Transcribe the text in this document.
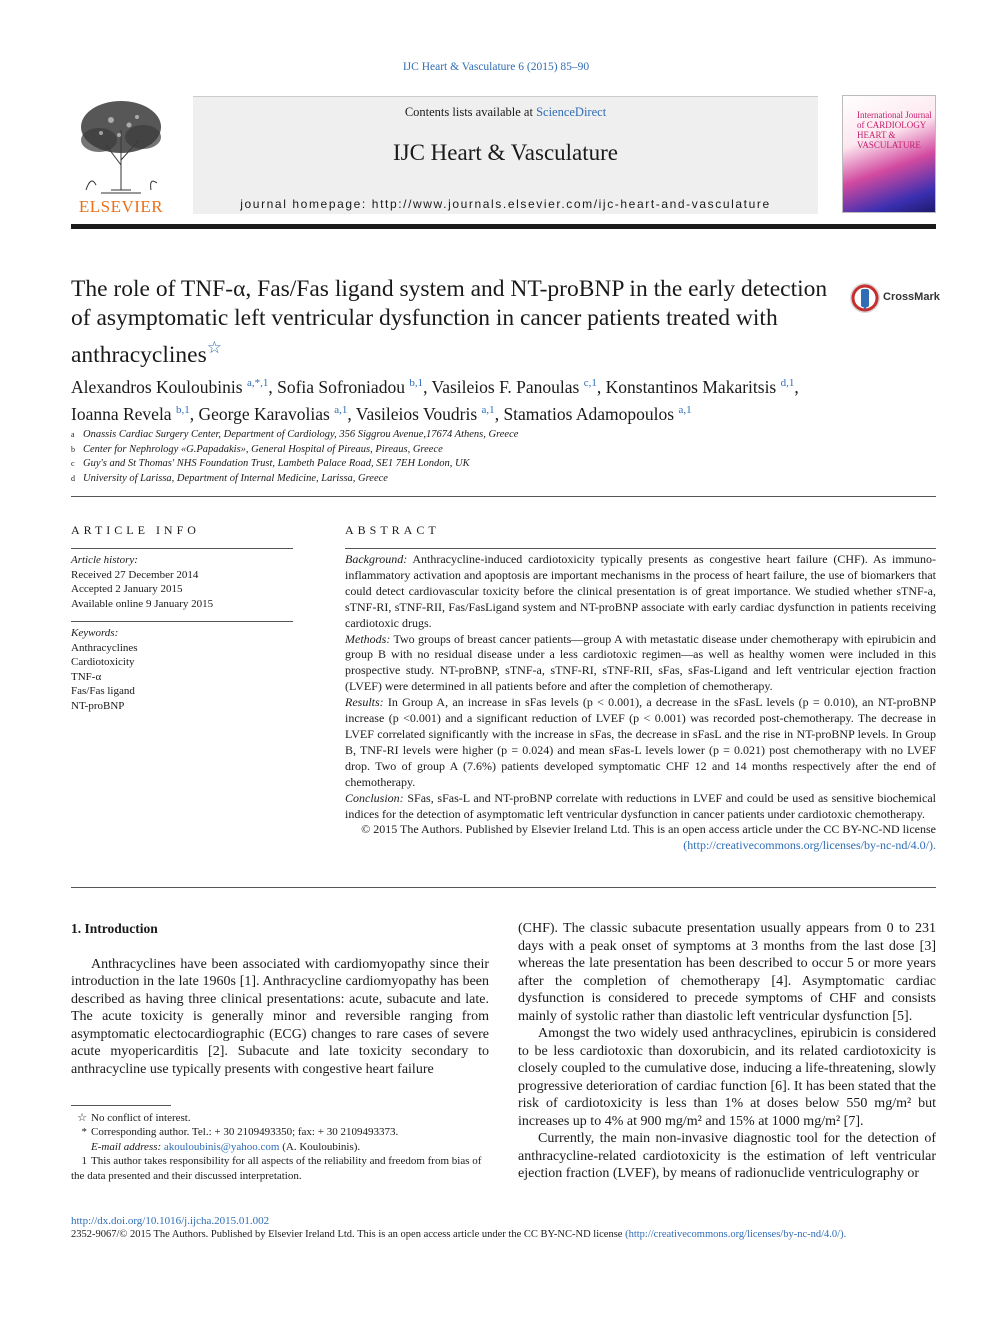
IJC Heart & Vasculature 6 (2015) 85–90
ELSEVIER
Contents lists available at ScienceDirect
IJC Heart & Vasculature
journal homepage: http://www.journals.elsevier.com/ijc-heart-and-vasculature
International Journal of CARDIOLOGY HEART & VASCULATURE
The role of TNF-α, Fas/Fas ligand system and NT-proBNP in the early detection of asymptomatic left ventricular dysfunction in cancer patients treated with anthracyclines☆
CrossMark
Alexandros Kouloubinis $^{a,*,1}$, Sofia Sofroniadou $^{b,1}$, Vasileios F. Panoulas $^{c,1}$, Konstantinos Makaritsis $^{d,1}$,
Ioanna Revela $^{b,1}$, George Karavolias $^{a,1}$, Vasileios Voudris $^{a,1}$, Stamatios Adamopoulos $^{a,1}$
a Onassis Cardiac Surgery Center, Department of Cardiology, 356 Siggrou Avenue,17674 Athens, Greece
b Center for Nephrology «G.Papadakis», General Hospital of Pireaus, Pireaus, Greece
c Guy's and St Thomas' NHS Foundation Trust, Lambeth Palace Road, SE1 7EH London, UK
d University of Larissa, Department of Internal Medicine, Larissa, Greece
ARTICLE INFO	ABSTRACT
Article history:
Received 27 December 2014
Accepted 2 January 2015
Available online 9 January 2015
Keywords:
Anthracyclines
Cardiotoxicity
TNF-α
Fas/Fas ligand
NT-proBNP

Background: Anthracycline-induced cardiotoxicity typically presents as congestive heart failure (CHF). As immuno-inflammatory activation and apoptosis are important mechanisms in the process of heart failure, the use of biomarkers that could detect cardiovascular toxicity before the clinical presentation is of great importance. We studied whether sTNF-a, sTNF-RI, sTNF-RII, Fas/FasLigand system and NT-proBNP associate with early cardiac dysfunction in patients receiving cardiotoxic drugs.

Methods: Two groups of breast cancer patients—group A with metastatic disease under chemotherapy with epirubicin and group B with no residual disease under a less cardiotoxic regimen—as well as healthy women were included in this prospective study. NT-proBNP, sTNF-a, sTNF-RI, sTNF-RII, sFas, sFas-Ligand and left ventricular ejection fraction (LVEF) were determined in all patients before and after the completion of chemotherapy.

Results: In Group A, an increase in sFas levels (p < 0.001), a decrease in the sFasL levels (p = 0.010), an NT-proBNP increase (p <0.001) and a significant reduction of LVEF (p < 0.001) was recorded post-chemotherapy. The decrease in LVEF correlated significantly with the increase in sFas, the decrease in sFasL and the rise in NT-proBNP levels. In Group B, TNF-RI levels were higher (p = 0.024) and mean sFas-L levels lower (p = 0.021) post chemotherapy with no LVEF drop. Two of group A (7.6%) patients developed symptomatic CHF 12 and 14 months respectively after the end of chemotherapy.

Conclusion: SFas, sFas-L and NT-proBNP correlate with reductions in LVEF and could be used as sensitive biochemical indices for the detection of asymptomatic left ventricular dysfunction in cancer patients under cardiotoxic chemotherapy.

© 2015 The Authors. Published by Elsevier Ireland Ltd. This is an open access article under the CC BY-NC-ND license
(http://creativecommons.org/licenses/by-nc-nd/4.0/).
1. Introduction

Anthracyclines have been associated with cardiomyopathy since their introduction in the late 1960s [1]. Anthracycline cardiomyopathy has been described as having three clinical presentations: acute, subacute and late. The acute toxicity is generally minor and reversible ranging from asymptomatic electocardiographic (ECG) changes to rare cases of severe acute myopericarditis [2]. Subacute and late toxicity secondary to anthracycline use typically presents with congestive heart failure

(CHF). The classic subacute presentation usually appears from 0 to 231 days with a peak onset of symptoms at 3 months from the last dose [3] whereas the late presentation has been described to occur 5 or more years after the completion of chemotherapy [4]. Asymptomatic cardiac dysfunction is considered to precede symptoms of CHF and consists mainly of systolic rather than diastolic left ventricular dysfunction [5].

Amongst the two widely used anthracyclines, epirubicin is considered to be less cardiotoxic than doxorubicin, and its related cardiotoxicity is closely coupled to the cumulative dose, inducing a life-threatening, slowly progressive deterioration of cardiac function [6]. It has been stated that the risk of cardiotoxicity is less than 1% at doses below 550 mg/m² but increases up to 4% at 900 mg/m² and 15% at 1000 mg/m² [7].

Currently, the main non-invasive diagnostic tool for the detection of anthracycline-related cardiotoxicity is the estimation of left ventricular ejection fraction (LVEF), by means of radionuclide ventriculography or

☆ No conflict of interest.
* Corresponding author. Tel.: + 30 2109493350; fax: + 30 2109493373.
E-mail address: akouloubinis@yahoo.com (A. Kouloubinis).
1 This author takes responsibility for all aspects of the reliability and freedom from bias of the data presented and their discussed interpretation.
http://dx.doi.org/10.1016/j.ijcha.2015.01.002
2352-9067/© 2015 The Authors. Published by Elsevier Ireland Ltd. This is an open access article under the CC BY-NC-ND license (http://creativecommons.org/licenses/by-nc-nd/4.0/).
